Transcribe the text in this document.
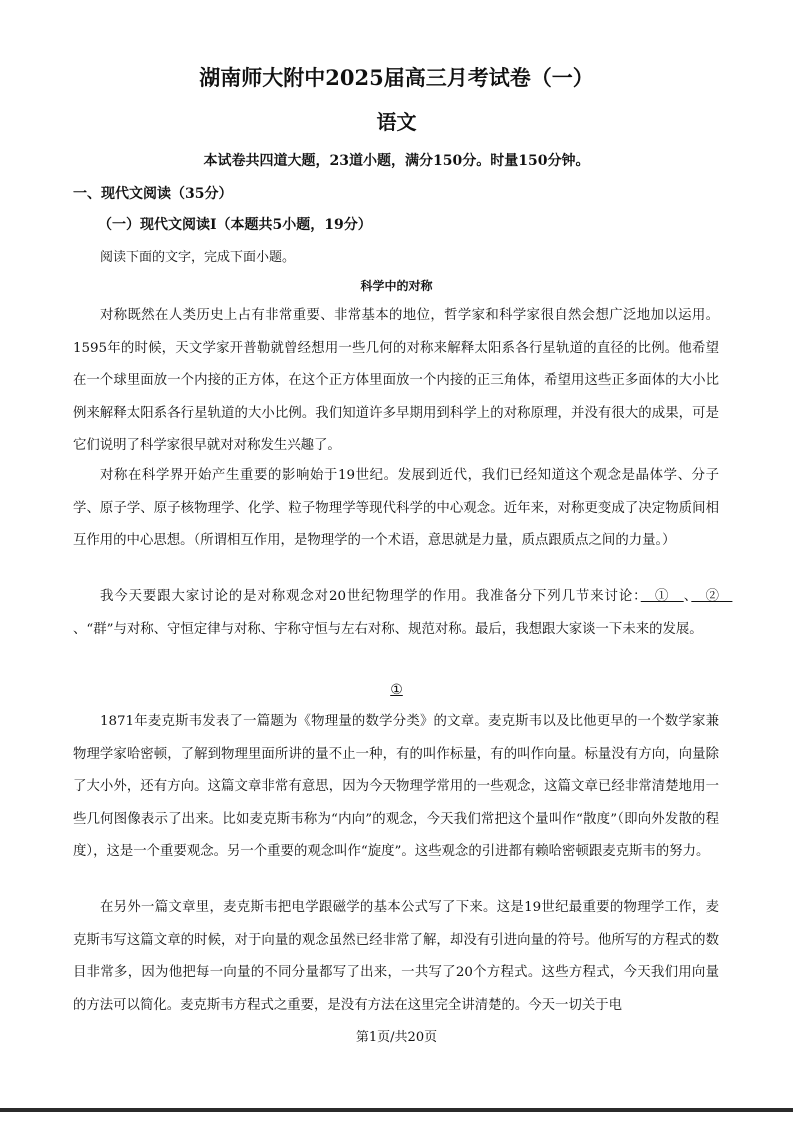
湖南师大附中2025届高三月考试卷（一）
语文
本试卷共四道大题，23道小题，满分150分。时量150分钟。
一、现代文阅读（35分）
（一）现代文阅读Ⅰ（本题共5小题，19分）
阅读下面的文字，完成下面小题。
科学中的对称
对称既然在人类历史上占有非常重要、非常基本的地位，哲学家和科学家很自然会想广泛地加以运用。1595年的时候，天文学家开普勒就曾经想用一些几何的对称来解释太阳系各行星轨道的直径的比例。他希望在一个球里面放一个内接的正方体，在这个正方体里面放一个内接的正三角体，希望用这些正多面体的大小比例来解释太阳系各行星轨道的大小比例。我们知道许多早期用到科学上的对称原理，并没有很大的成果，可是它们说明了科学家很早就对对称发生兴趣了。
对称在科学界开始产生重要的影响始于19世纪。发展到近代，我们已经知道这个观念是晶体学、分子学、原子学、原子核物理学、化学、粒子物理学等现代科学的中心观念。近年来，对称更变成了决定物质间相互作用的中心思想。（所谓相互作用，是物理学的一个术语，意思就是力量，质点跟质点之间的力量。）
我今天要跟大家讨论的是对称观念对20世纪物理学的作用。我准备分下列几节来讨论：　①　、　②　、“群”与对称、守恒定律与对称、宇称守恒与左右对称、规范对称。最后，我想跟大家谈一下未来的发展。
①
1871年麦克斯韦发表了一篇题为《物理量的数学分类》的文章。麦克斯韦以及比他更早的一个数学家兼物理学家哈密顿，了解到物理里面所讲的量不止一种，有的叫作标量，有的叫作向量。标量没有方向，向量除了大小外，还有方向。这篇文章非常有意思，因为今天物理学常用的一些观念，这篇文章已经非常清楚地用一些几何图像表示了出来。比如麦克斯韦称为“内向”的观念，今天我们常把这个量叫作“散度”（即向外发散的程度），这是一个重要观念。另一个重要的观念叫作“旋度”。这些观念的引进都有赖哈密顿跟麦克斯韦的努力。
在另外一篇文章里，麦克斯韦把电学跟磁学的基本公式写了下来。这是19世纪最重要的物理学工作，麦克斯韦写这篇文章的时候，对于向量的观念虽然已经非常了解，却没有引进向量的符号。他所写的方程式的数目非常多，因为他把每一向量的不同分量都写了出来，一共写了20个方程式。这些方程式，今天我们用向量的方法可以简化。麦克斯韦方程式之重要，是没有方法在这里完全讲清楚的。今天一切关于电
第1页/共20页
